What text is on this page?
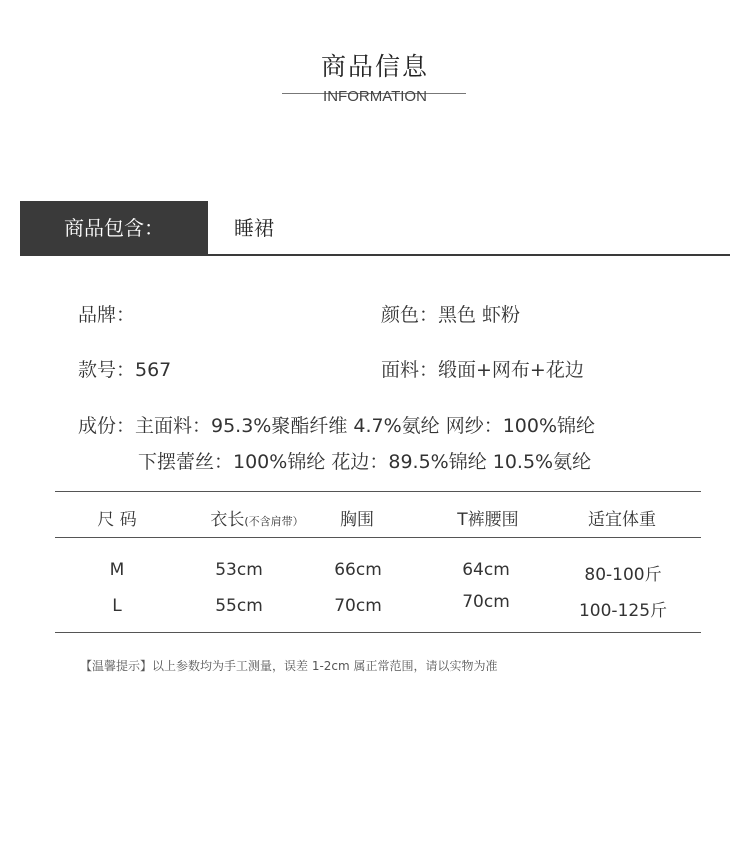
商品信息
INFORMATION
商品包含：	睡裙
品牌：	颜色：黑色 虾粉
款号：567	面料：缎面+网布+花边
成份：主面料：95.3%聚酯纤维 4.7%氨纶 网纱：100%锦纶
下摆蕾丝：100%锦纶 花边：89.5%锦纶 10.5%氨纶
尺 码	衣长(不含肩带）	胸围	T裤腰围	适宜体重
M	53cm	66cm	64cm	80-100斤
L	55cm	70cm	70cm	100-125斤
【温馨提示】以上参数均为手工测量，误差 1-2cm 属正常范围，请以实物为准
